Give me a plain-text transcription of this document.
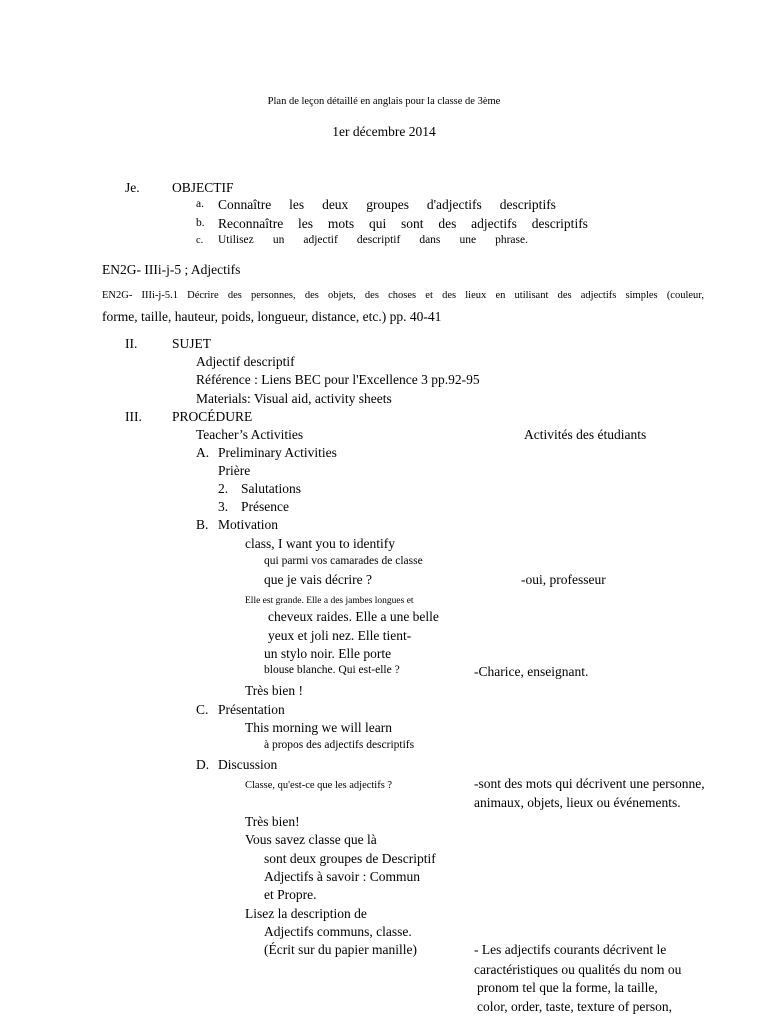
Plan de leçon détaillé en anglais pour la classe de 3ème
1er décembre 2014
Je. OBJECTIF
a. Connaître les deux groupes d'adjectifs descriptifs
b. Reconnaître les mots qui sont des adjectifs descriptifs
c. Utilisez un adjectif descriptif dans une phrase.
EN2G- IIIi-j-5 ; Adjectifs
EN2G- IIIi-j-5.1 Décrire des personnes, des objets, des choses et des lieux en utilisant des adjectifs simples (couleur,
forme, taille, hauteur, poids, longueur, distance, etc.) pp. 40-41
II.	SUJET
Adjectif descriptif
Référence : Liens BEC pour l'Excellence 3 pp.92-95
Materials: Visual aid, activity sheets
III. PROCÉDURE
Teacher’s Activities	Activités des étudiants
A. Preliminary Activities
Prière
2. Salutations
3. Présence
B. Motivation
class, I want you to identify
qui parmi vos camarades de classe
que je vais décrire ?	-oui, professeur
Elle est grande. Elle a des jambes longues et
cheveux raides. Elle a une belle
yeux et joli nez. Elle tient-
un stylo noir. Elle porte
blouse blanche. Qui est-elle ?	-Charice, enseignant.
Très bien !
C. Présentation
This morning we will learn
à propos des adjectifs descriptifs
D. Discussion
Classe, qu'est-ce que les adjectifs ?	-sont des mots qui décrivent une personne,
animaux, objets, lieux ou événements.
Très bien!
Vous savez classe que là
sont deux groupes de Descriptif
Adjectifs à savoir : Commun
et Propre.
Lisez la description de
Adjectifs communs, classe.
(Écrit sur du papier manille)	- Les adjectifs courants décrivent le
caractéristiques ou qualités du nom ou
pronom tel que la forme, la taille,
color, order, taste, texture of person,
